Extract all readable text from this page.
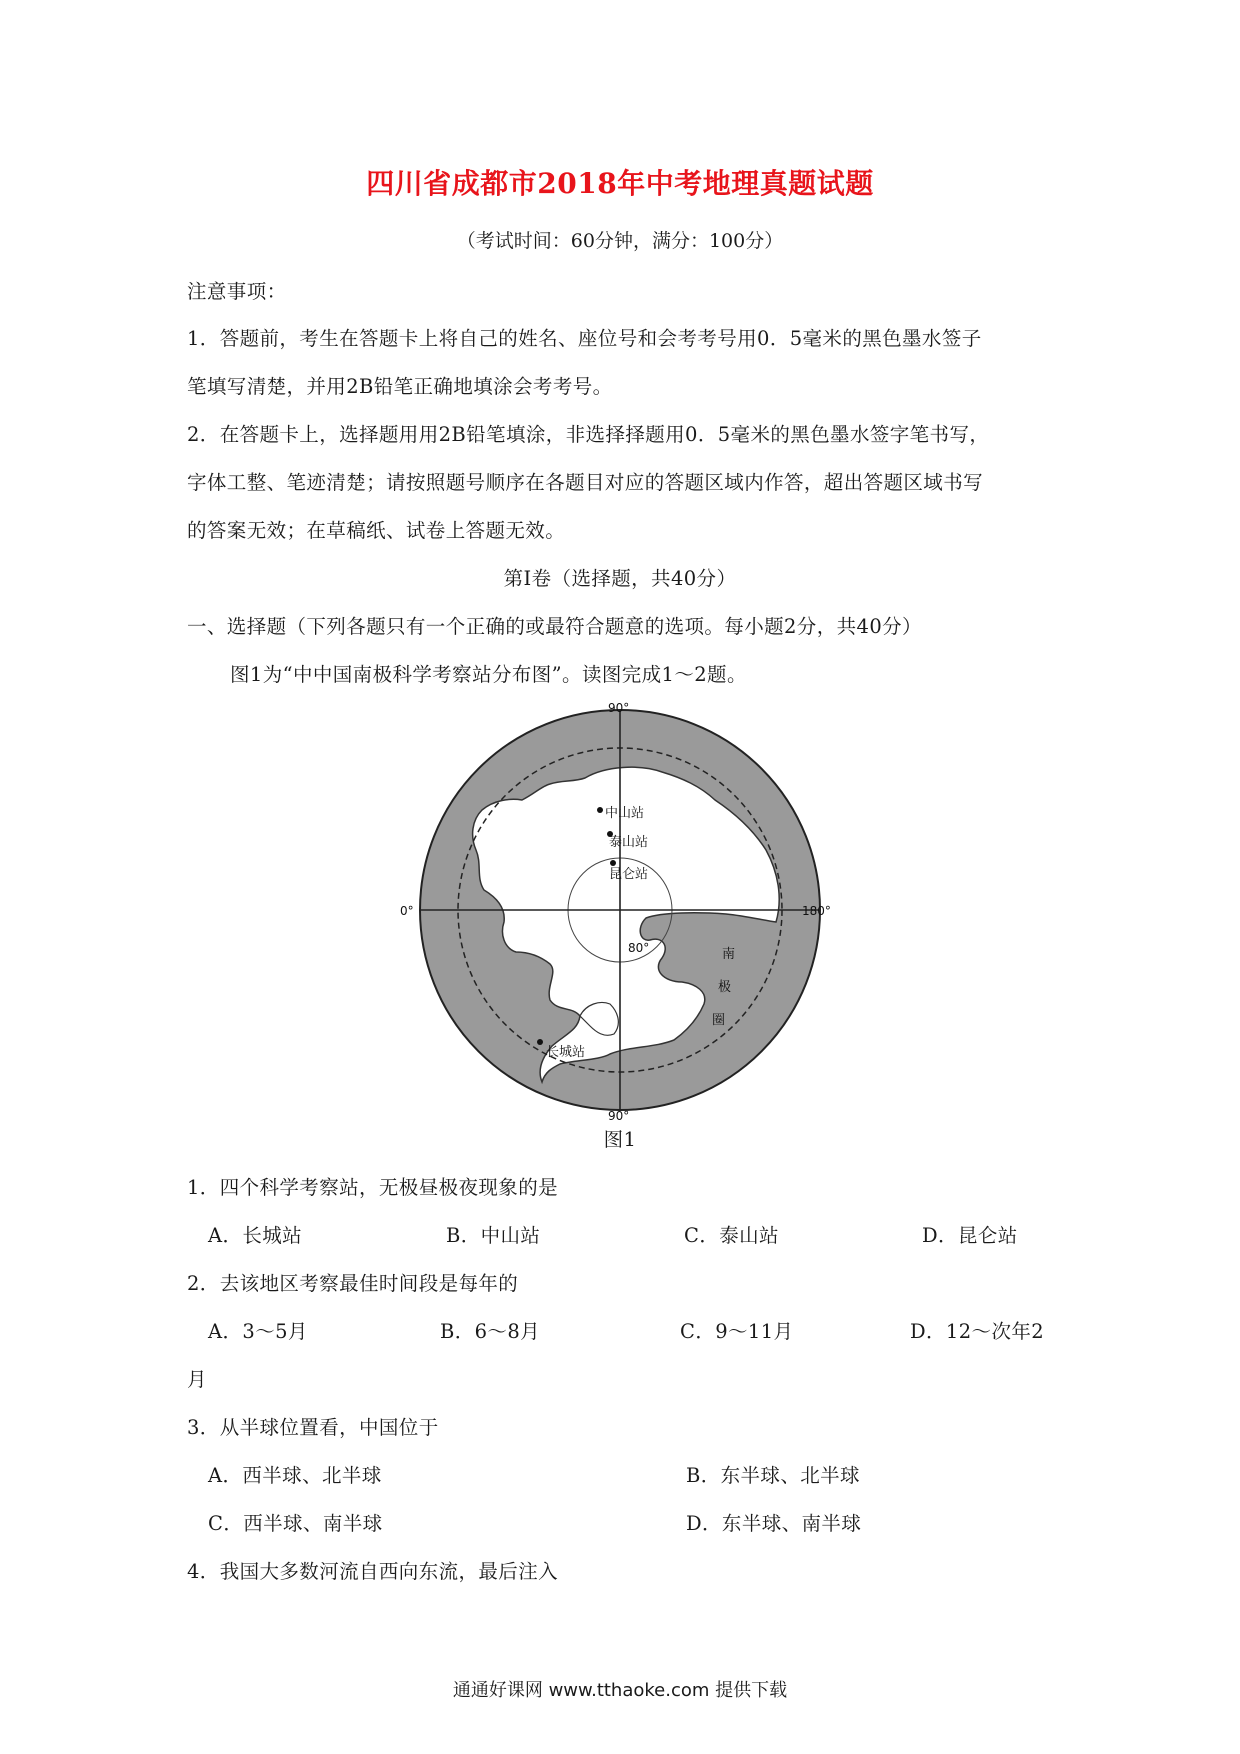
四川省成都市2018年中考地理真题试题
（考试时间：60分钟，满分：100分）
注意事项：
1．答题前，考生在答题卡上将自己的姓名、座位号和会考考号用0．5毫米的黑色墨水签子
笔填写清楚，并用2B铅笔正确地填涂会考考号。
2．在答题卡上，选择题用用2B铅笔填涂，非选择择题用0．5毫米的黑色墨水签字笔书写，
字体工整、笔迹清楚；请按照题号顺序在各题目对应的答题区域内作答，超出答题区域书写
的答案无效；在草稿纸、试卷上答题无效。
第Ⅰ卷（选择题，共40分）
一、选择题（下列各题只有一个正确的或最符合题意的选项。每小题2分，共40分）
图1为“中中国南极科学考察站分布图”。读图完成1～2题。
中山站
泰山站
昆仑站
长城站
90°
90°
0°	180°
80°	南
极
圈
图1
1．四个科学考察站，无极昼极夜现象的是
A．长城站	B．中山站	C．泰山站	D．昆仑站
2．去该地区考察最佳时间段是每年的
A．3～5月	B．6～8月	C．9～11月	D．12～次年2
月
3．从半球位置看，中国位于
A．西半球、北半球	B．东半球、北半球
C．西半球、南半球	D．东半球、南半球
4．我国大多数河流自西向东流，最后注入
通通好课网 www.tthaoke.com 提供下载
